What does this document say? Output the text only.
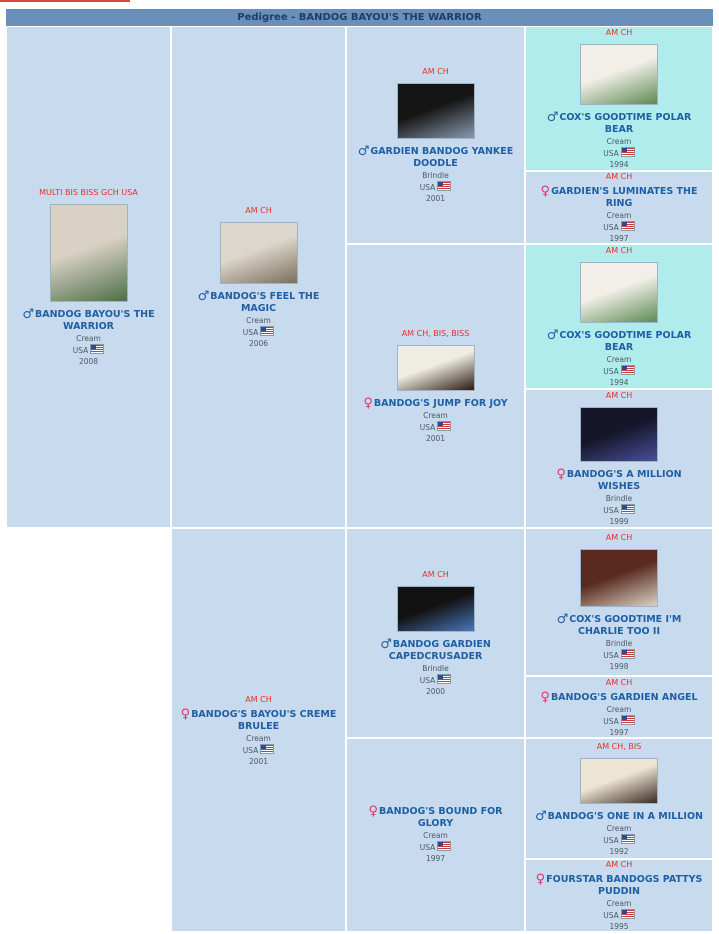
Pedigree - BANDOG BAYOU'S THE WARRIOR
MULTI BIS BISS GCH USA
♂BANDOG BAYOU'S THE WARRIOR
Cream
USA
2008
AM CH
♂BANDOG'S FEEL THE MAGIC
Cream
USA
2006
AM CH
♀BANDOG'S BAYOU'S CREME BRULEE
Cream
USA
2001
AM CH
♂GARDIEN BANDOG YANKEE DOODLE
Brindle
USA
2001
AM CH, BIS, BISS
♀BANDOG'S JUMP FOR JOY
Cream
USA
2001
AM CH
♂BANDOG GARDIEN CAPEDCRUSADER
Brindle
USA
2000
♀BANDOG'S BOUND FOR GLORY
Cream
USA
1997
AM CH
♂COX'S GOODTIME POLAR BEAR
Cream
USA
1994
AM CH
♀GARDIEN'S LUMINATES THE RING
Cream
USA
1997
AM CH
♂COX'S GOODTIME POLAR BEAR
Cream
USA
1994
AM CH
♀BANDOG'S A MILLION WISHES
Brindle
USA
1999
AM CH
♂COX'S GOODTIME I'M CHARLIE TOO II
Brindle
USA
1998
AM CH
♀BANDOG'S GARDIEN ANGEL
Cream
USA
1997
AM CH, BIS
♂BANDOG'S ONE IN A MILLION
Cream
USA
1992
AM CH
♀FOURSTAR BANDOGS PATTYS PUDDIN
Cream
USA
1995
